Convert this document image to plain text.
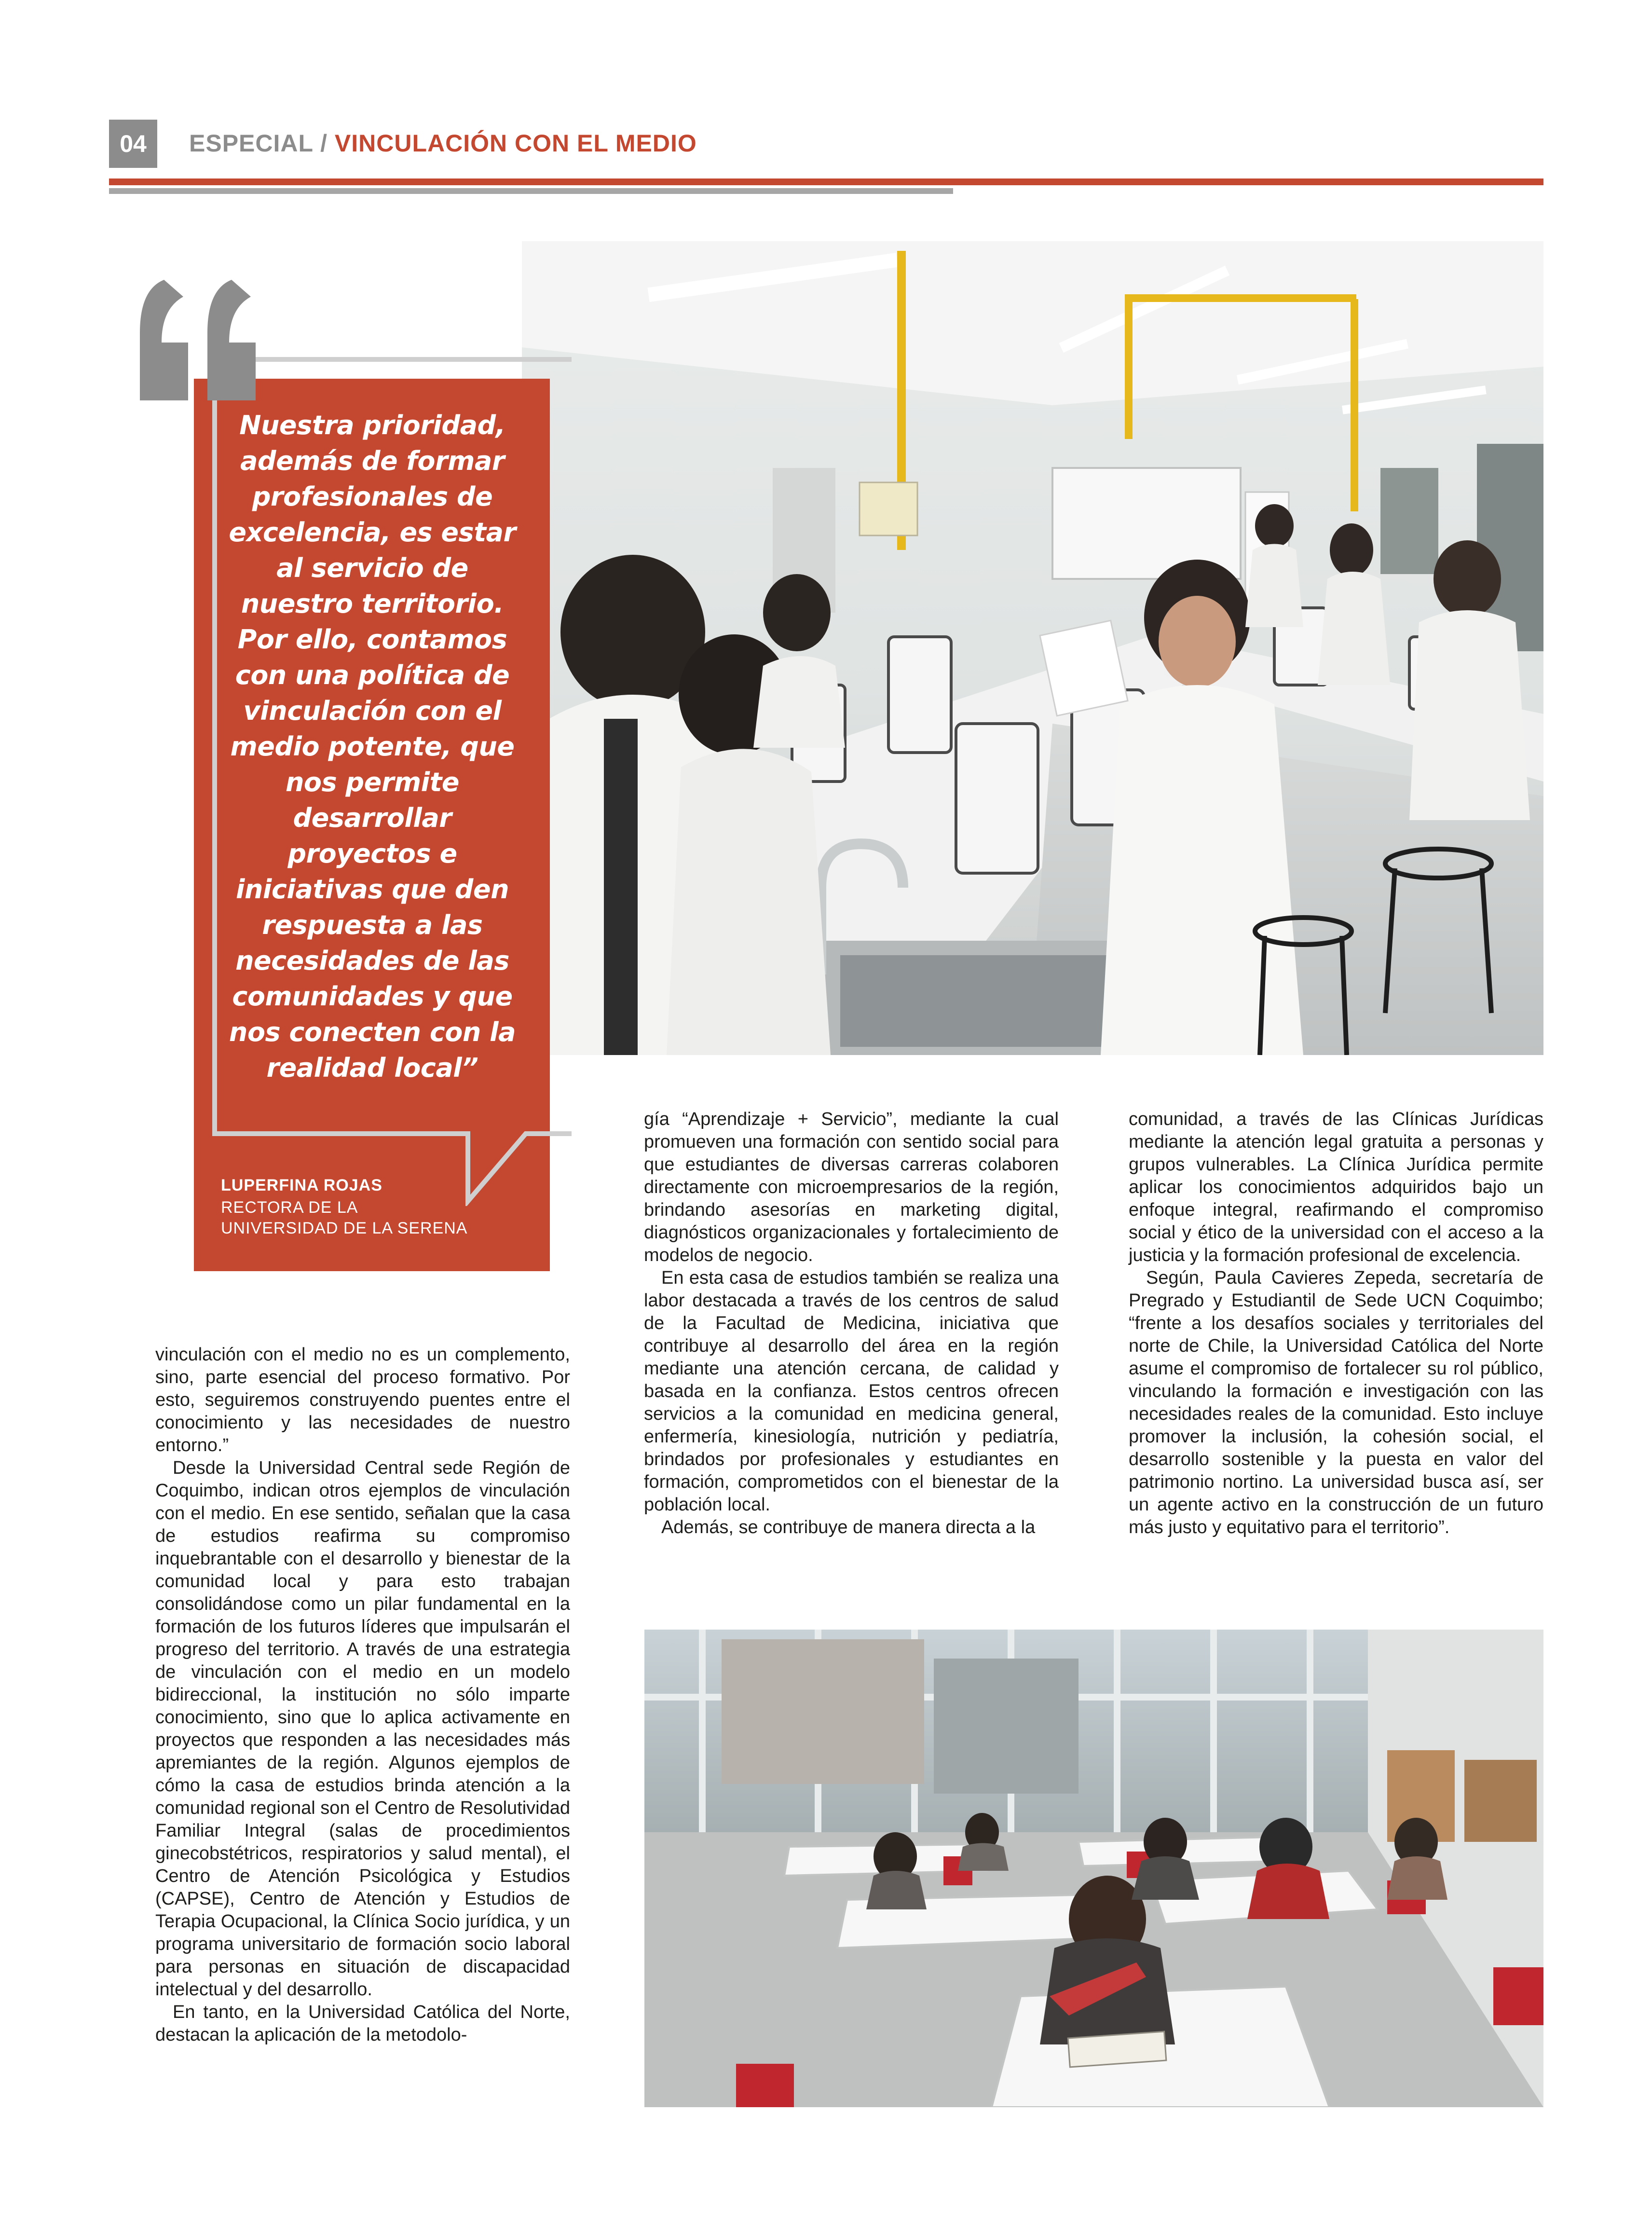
04	ESPECIAL / VINCULACIÓN CON EL MEDIO
Nuestra prioridad, además de formar profesionales de excelencia, es estar al servicio de nuestro territorio. Por ello, contamos con una política de vinculación con el medio potente, que nos permite desarrollar proyectos e iniciativas que den respuesta a las necesidades de las comunidades y que nos conecten con la realidad local”
LUPERFINA ROJAS
RECTORA DE LA
UNIVERSIDAD DE LA SERENA

vinculación con el medio no es un complemento, sino, parte esencial del proceso formativo. Por esto, seguiremos construyendo puentes entre el conocimiento y las necesidades de nuestro entorno.”

Desde la Universidad Central sede Región de Coquimbo, indican otros ejemplos de vinculación con el medio. En ese sentido, señalan que la casa de estudios reafirma su compromiso inquebrantable con el desarrollo y bienestar de la comunidad local y para esto trabajan consolidándose como un pilar fundamental en la formación de los futuros líderes que impulsarán el progreso del territorio. A través de una estrategia de vinculación con el medio en un modelo bidireccional, la institución no sólo imparte conocimiento, sino que lo aplica activamente en proyectos que responden a las necesidades más apremiantes de la región. Algunos ejemplos de cómo la casa de estudios brinda atención a la comunidad regional son el Centro de Resolutividad Familiar Integral (salas de procedimientos ginecobstétricos, respiratorios y salud mental), el Centro de Atención Psicológica y Estudios (CAPSE), Centro de Atención y Estudios de Terapia Ocupacional, la Clínica Socio jurídica, y un programa universitario de formación socio laboral para personas en situación de discapacidad intelectual y del desarrollo.

En tanto, en la Universidad Católica del Norte, destacan la aplicación de la metodolo-

gía “Aprendizaje + Servicio”, mediante la cual promueven una formación con sentido social para que estudiantes de diversas carreras colaboren directamente con microempresarios de la región, brindando asesorías en marketing digital, diagnósticos organizacionales y fortalecimiento de modelos de negocio.

En esta casa de estudios también se realiza una labor destacada a través de los centros de salud de la Facultad de Medicina, iniciativa que contribuye al desarrollo del área en la región mediante una atención cercana, de calidad y basada en la confianza. Estos centros ofrecen servicios a la comunidad en medicina general, enfermería, kinesiología, nutrición y pediatría, brindados por profesionales y estudiantes en formación, comprometidos con el bienestar de la población local.

Además, se contribuye de manera directa a la

comunidad, a través de las Clínicas Jurídicas mediante la atención legal gratuita a personas y grupos vulnerables. La Clínica Jurídica permite aplicar los conocimientos adquiridos bajo un enfoque integral, reafirmando el compromiso social y ético de la universidad con el acceso a la justicia y la formación profesional de excelencia.

Según, Paula Cavieres Zepeda, secretaría de Pregrado y Estudiantil de Sede UCN Coquimbo; “frente a los desafíos sociales y territoriales del norte de Chile, la Universidad Católica del Norte asume el compromiso de fortalecer su rol público, vinculando la formación e investigación con las necesidades reales de la comunidad. Esto incluye promover la inclusión, la cohesión social, el desarrollo sostenible y la puesta en valor del patrimonio nortino. La universidad busca así, ser un agente activo en la construcción de un futuro más justo y equitativo para el territorio”.
